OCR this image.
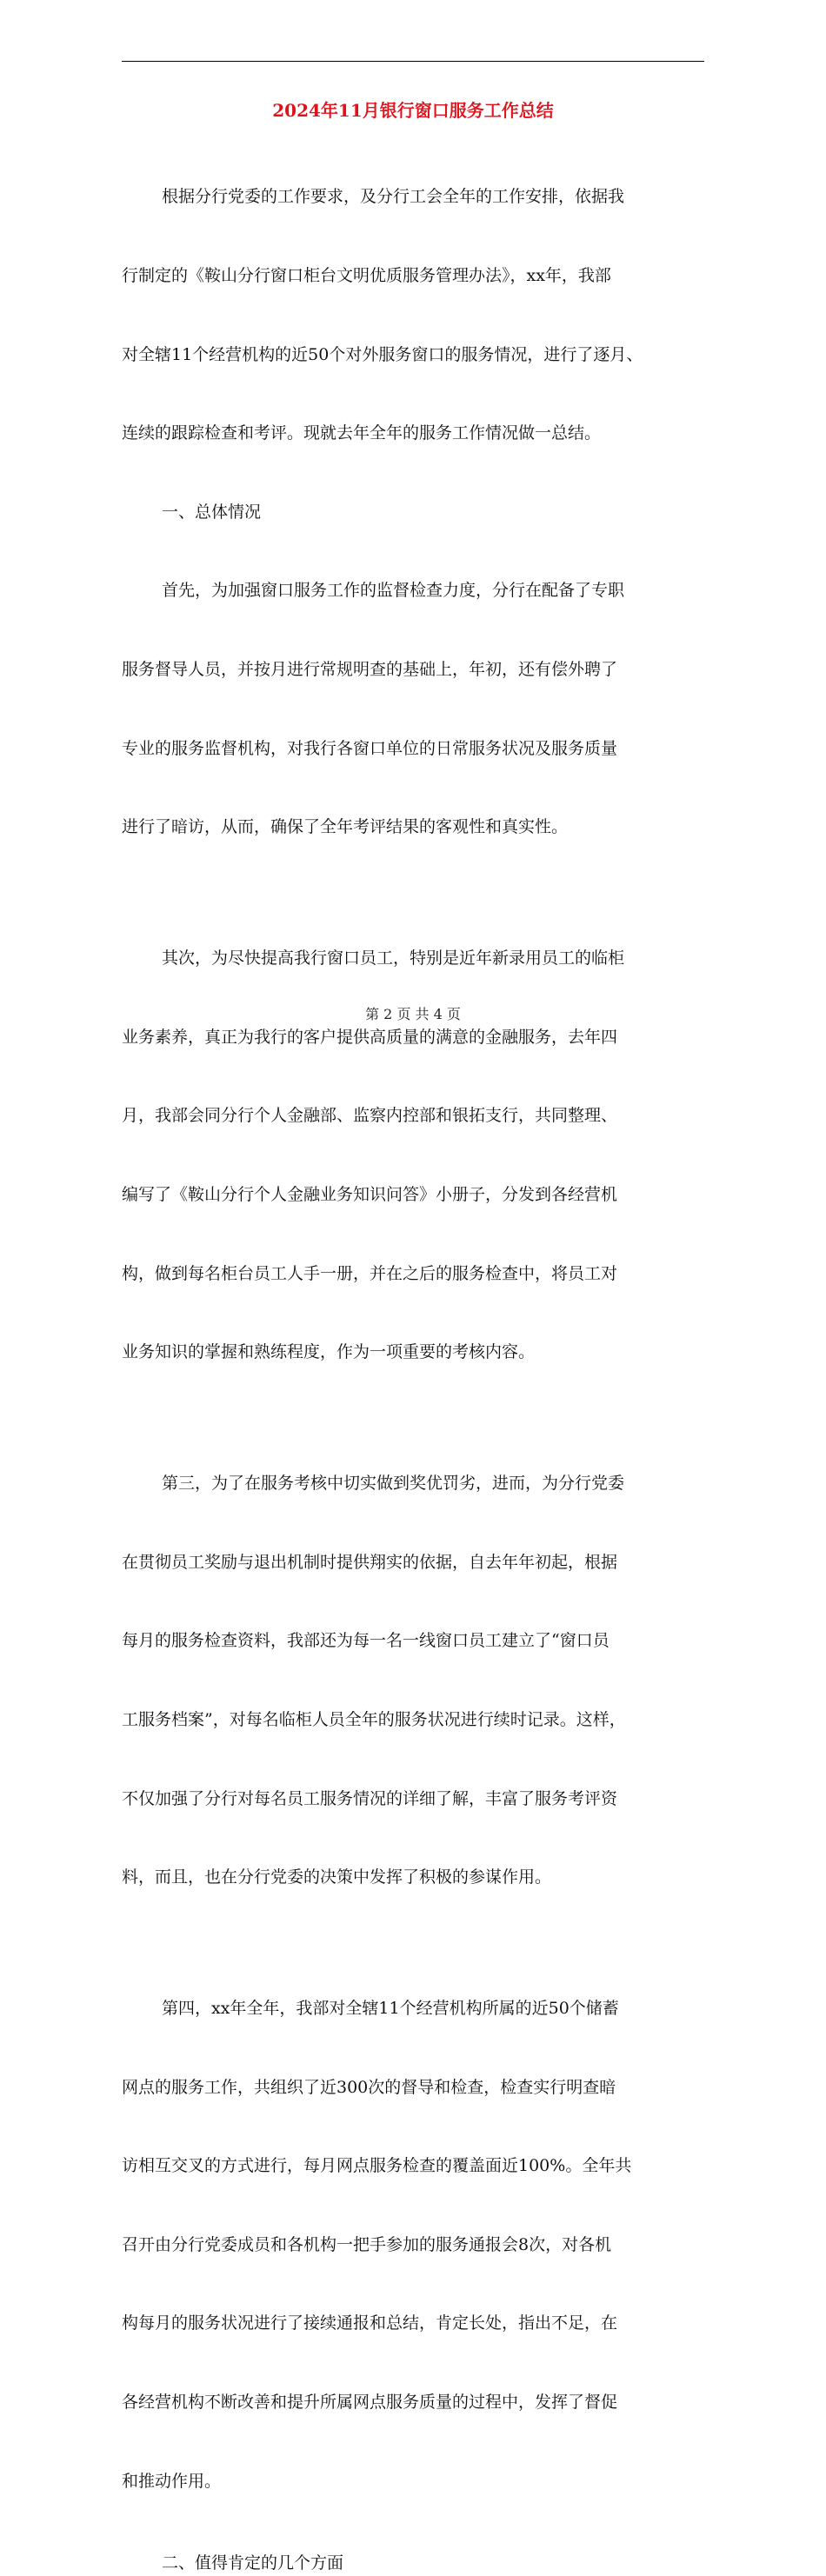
2024年11月银行窗口服务工作总结

根据分行党委的工作要求，及分行工会全年的工作安排，依据我

行制定的《鞍山分行窗口柜台文明优质服务管理办法》，xx年，我部

对全辖11个经营机构的近50个对外服务窗口的服务情况，进行了逐月、

连续的跟踪检查和考评。现就去年全年的服务工作情况做一总结。

一、总体情况

首先，为加强窗口服务工作的监督检查力度，分行在配备了专职

服务督导人员，并按月进行常规明查的基础上，年初，还有偿外聘了

专业的服务监督机构，对我行各窗口单位的日常服务状况及服务质量

进行了暗访，从而，确保了全年考评结果的客观性和真实性。

其次，为尽快提高我行窗口员工，特别是近年新录用员工的临柜

业务素养，真正为我行的客户提供高质量的满意的金融服务，去年四

月，我部会同分行个人金融部、监察内控部和银拓支行，共同整理、

编写了《鞍山分行个人金融业务知识问答》小册子，分发到各经营机

构，做到每名柜台员工人手一册，并在之后的服务检查中，将员工对

业务知识的掌握和熟练程度，作为一项重要的考核内容。

第三，为了在服务考核中切实做到奖优罚劣，进而，为分行党委

在贯彻员工奖励与退出机制时提供翔实的依据，自去年年初起，根据

每月的服务检查资料，我部还为每一名一线窗口员工建立了“窗口员

工服务档案”，对每名临柜人员全年的服务状况进行续时记录。这样，

不仅加强了分行对每名员工服务情况的详细了解，丰富了服务考评资

料，而且，也在分行党委的决策中发挥了积极的参谋作用。

第四，xx年全年，我部对全辖11个经营机构所属的近50个储蓄

网点的服务工作，共组织了近300次的督导和检查，检查实行明查暗

访相互交叉的方式进行，每月网点服务检查的覆盖面近100%。全年共

召开由分行党委成员和各机构一把手参加的服务通报会8次，对各机

构每月的服务状况进行了接续通报和总结，肯定长处，指出不足，在

各经营机构不断改善和提升所属网点服务质量的过程中，发挥了督促

和推动作用。

二、值得肯定的几个方面

第 2 页 共 4 页
